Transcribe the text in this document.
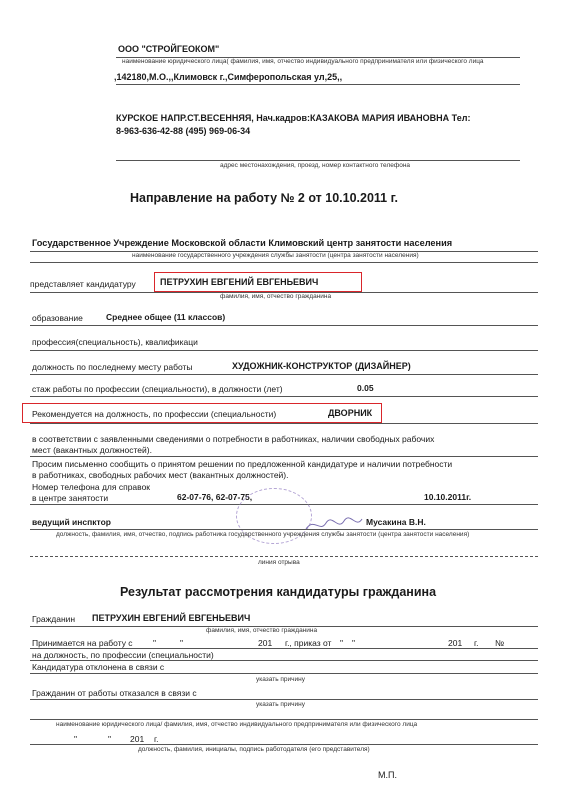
ООО "СТРОЙГЕОКОМ"
наименование юридического лица( фамилия, имя, отчество индивидуального предпринимателя или физического лица
,142180,М.О.,,Климовск г.,Симферопольская ул,25,,
КУРСКОЕ НАПР.СТ.ВЕСЕННЯЯ, Нач.кадров:КАЗАКОВА МАРИЯ ИВАНОВНА Тел:
8-963-636-42-88 (495) 969-06-34
адрес местонахождения, проезд, номер контактного телефона
Направление на работу № 2 от 10.10.2011 г.
Государственное Учреждение Московской области Климовский центр занятости населения
наименование государственного учреждения службы занятости (центра занятости населения)
представляет кандидатуру	ПЕТРУХИН ЕВГЕНИЙ ЕВГЕНЬЕВИЧ
фамилия, имя, отчество гражданина
образование	Среднее общее (11 классов)
профессия(специальность), квалификаци
должность по последнему месту работы	ХУДОЖНИК-КОНСТРУКТОР (ДИЗАЙНЕР)
стаж работы по профессии (специальности), в должности (лет)	0.05
Рекомендуется на должность, по профессии (специальности)	ДВОРНИК
в соответствии с заявленными сведениями о потребности в работниках, наличии свободных рабочих
мест (вакантных должностей).
Просим письменно сообщить о принятом решении по предложенной кандидатуре и наличии потребности
в работниках, свободных рабочих мест (вакантных должностей).
Номер телефона для справок
в центре занятости	62-07-76, 62-07-75,	10.10.2011г.
ведущий инспктор	Мусакина В.Н.
должность, фамилия, имя, отчество, подпись работника государственного учреждения службы занятости (центра занятости населения)
линия отрыва
Результат рассмотрения кандидатуры гражданина
Гражданин ПЕТРУХИН ЕВГЕНИЙ ЕВГЕНЬЕВИЧ
фамилия, имя, отчество гражданина
Принимается на работу с "	"	201 г., приказ от " "	201 г. №
на должность, по профессии (специальности)
Кандидатура отклонена в связи с
указать причину
Гражданин от работы отказался в связи с
указать причину
наименование юридического лица/ фамилия, имя, отчество индивидуального предпринимателя или физического лица
"	" 201 г.
должность, фамилия, инициалы, подпись работодателя (его представителя)
М.П.
